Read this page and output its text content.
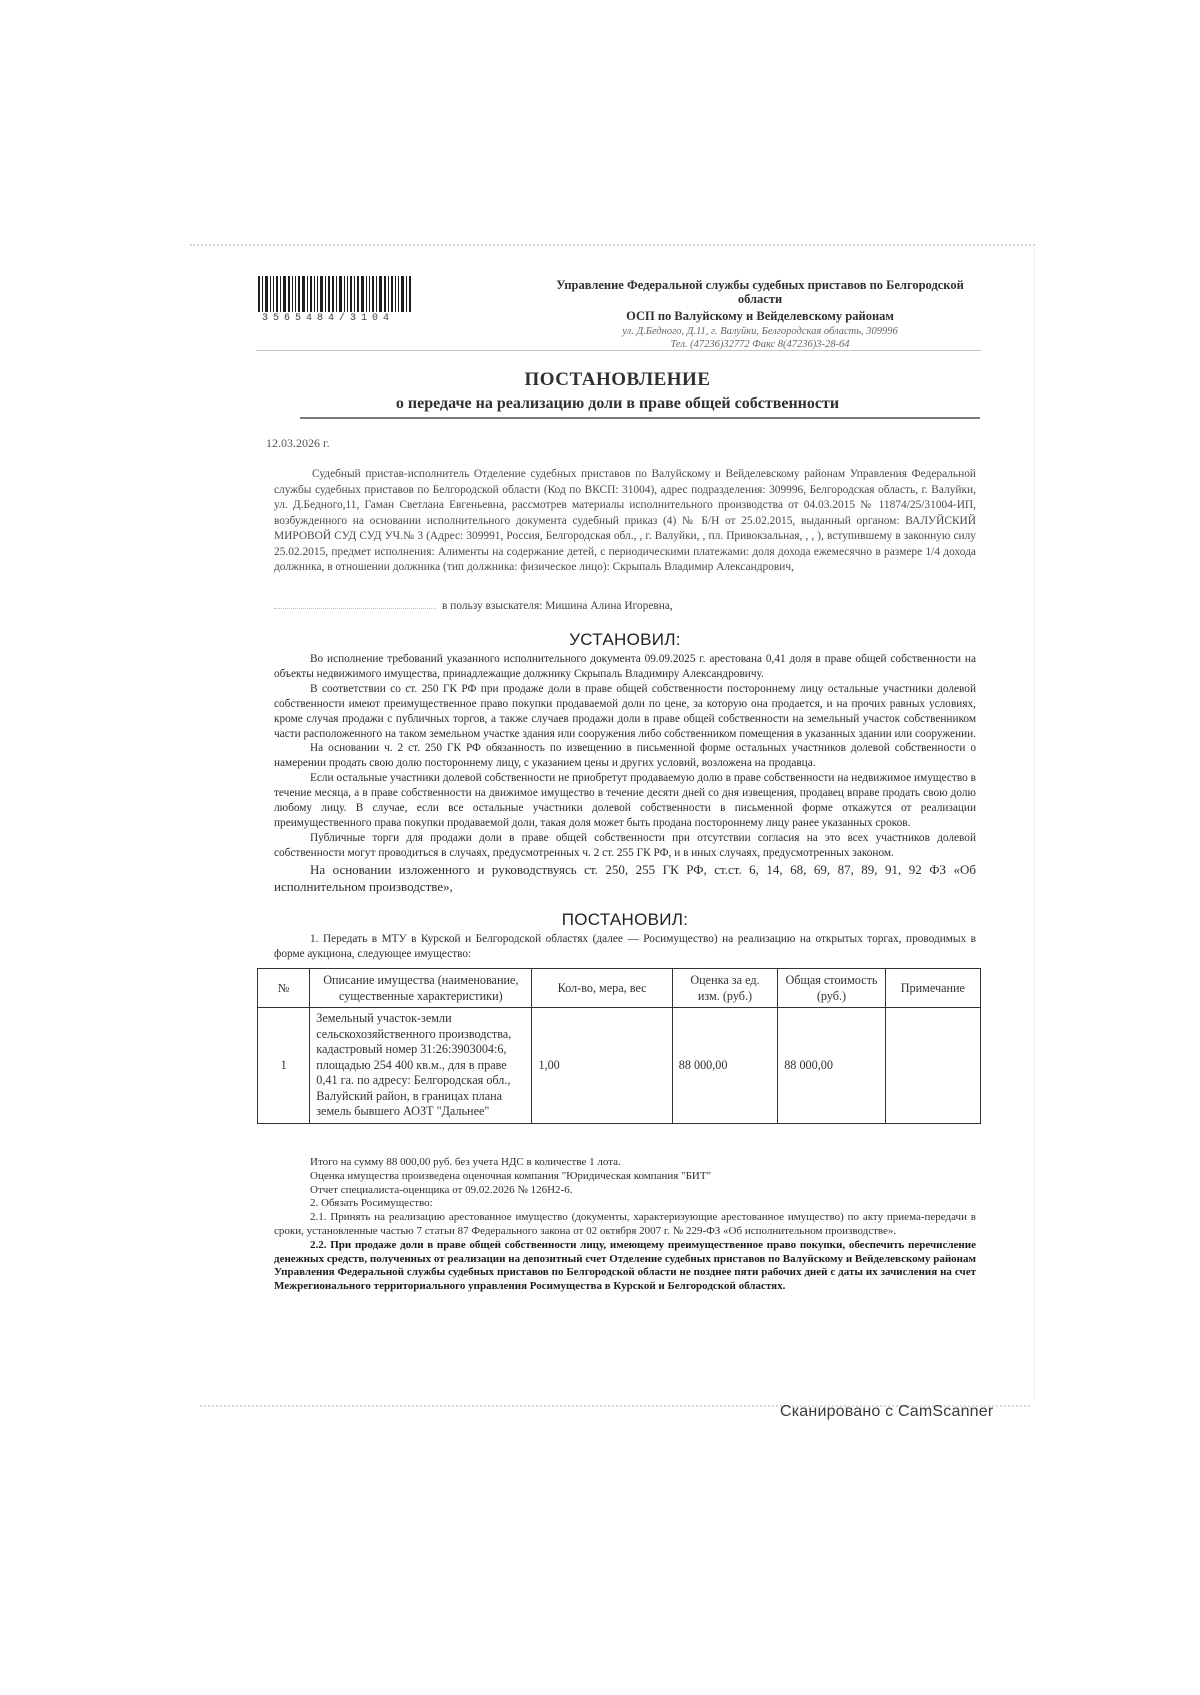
3565484/3104
Управление Федеральной службы судебных приставов по Белгородской области
ОСП по Валуйскому и Вейделевскому районам
ул. Д.Бедного, Д.11, г. Валуйки, Белгородская область, 309996
Тел. (47236)32772 Факс 8(47236)3-28-64
ПОСТАНОВЛЕНИЕ
о передаче на реализацию доли в праве общей собственности
12.03.2026 г.
Судебный пристав-исполнитель Отделение судебных приставов по Валуйскому и Вейделевскому районам Управления Федеральной службы судебных приставов по Белгородской области (Код по ВКСП: 31004), адрес подразделения: 309996, Белгородская область, г. Валуйки, ул. Д.Бедного,11, Гаман Светлана Евгеньевна, рассмотрев материалы исполнительного производства от 04.03.2015 № 11874/25/31004-ИП, возбужденного на основании исполнительного документа судебный приказ (4) № Б/Н от 25.02.2015, выданный органом: ВАЛУЙСКИЙ МИРОВОЙ СУД СУД УЧ.№ 3 (Адрес: 309991, Россия, Белгородская обл., , г. Валуйки, , пл. Привокзальная, , , ), вступившему в законную силу 25.02.2015, предмет исполнения: Алименты на содержание детей, с периодическими платежами: доля дохода ежемесячно в размере 1/4 дохода должника, в отношении должника (тип должника: физическое лицо): Скрыпаль Владимир Александрович,
в пользу взыскателя: Мишина Алина Игоревна,
УСТАНОВИЛ:

Во исполнение требований указанного исполнительного документа 09.09.2025 г. арестована 0,41 доля в праве общей собственности на объекты недвижимого имущества, принадлежащие должнику Скрыпаль Владимиру Александровичу.

В соответствии со ст. 250 ГК РФ при продаже доли в праве общей собственности постороннему лицу остальные участники долевой собственности имеют преимущественное право покупки продаваемой доли по цене, за которую она продается, и на прочих равных условиях, кроме случая продажи с публичных торгов, а также случаев продажи доли в праве общей собственности на земельный участок собственником части расположенного на таком земельном участке здания или сооружения либо собственником помещения в указанных здании или сооружении.

На основании ч. 2 ст. 250 ГК РФ обязанность по извещению в письменной форме остальных участников долевой собственности о намерении продать свою долю постороннему лицу, с указанием цены и других условий, возложена на продавца.

Если остальные участники долевой собственности не приобретут продаваемую долю в праве собственности на недвижимое имущество в течение месяца, а в праве собственности на движимое имущество в течение десяти дней со дня извещения, продавец вправе продать свою долю любому лицу. В случае, если все остальные участники долевой собственности в письменной форме откажутся от реализации преимущественного права покупки продаваемой доли, такая доля может быть продана постороннему лицу ранее указанных сроков.

Публичные торги для продажи доли в праве общей собственности при отсутствии согласия на это всех участников долевой собственности могут проводиться в случаях, предусмотренных ч. 2 ст. 255 ГК РФ, и в иных случаях, предусмотренных законом.

На основании изложенного и руководствуясь ст. 250, 255 ГК РФ, ст.ст. 6, 14, 68, 69, 87, 89, 91, 92 ФЗ «Об исполнительном производстве»,

ПОСТАНОВИЛ:

1. Передать в МТУ в Курской и Белгородской областях (далее — Росимущество) на реализацию на открытых торгах, проводимых в форме аукциона, следующее имущество:

№	Описание имущества (наименование, существенные характеристики)	Кол-во, мера, вес	Оценка за ед. изм. (руб.)	Общая стоимость (руб.)	Примечание
1	Земельный участок-земли сельскохозяйственного производства, кадастровый номер 31:26:3903004:6, площадью 254 400 кв.м., для в праве 0,41 га. по адресу: Белгородская обл., Валуйский район, в границах плана земель бывшего АОЗТ "Дальнее"	1,00	88 000,00	88 000,00	

Итого на сумму 88 000,00 руб. без учета НДС в количестве 1 лота.

Оценка имущества произведена оценочная компания "Юридическая компания "БИТ"

Отчет специалиста-оценщика от 09.02.2026 № 126Н2-6.

2. Обязать Росимущество:

2.1. Принять на реализацию арестованное имущество (документы, характеризующие арестованное имущество) по акту приема-передачи в сроки, установленные частью 7 статьи 87 Федерального закона от 02 октября 2007 г. № 229-ФЗ «Об исполнительном производстве».

2.2. При продаже доли в праве общей собственности лицу, имеющему преимущественное право покупки, обеспечить перечисление денежных средств, полученных от реализации на депозитный счет Отделение судебных приставов по Валуйскому и Вейделевскому районам Управления Федеральной службы судебных приставов по Белгородской области не позднее пяти рабочих дней с даты их зачисления на счет Межрегионального территориального управления Росимущества в Курской и Белгородской областях.

Сканировано с CamScanner
